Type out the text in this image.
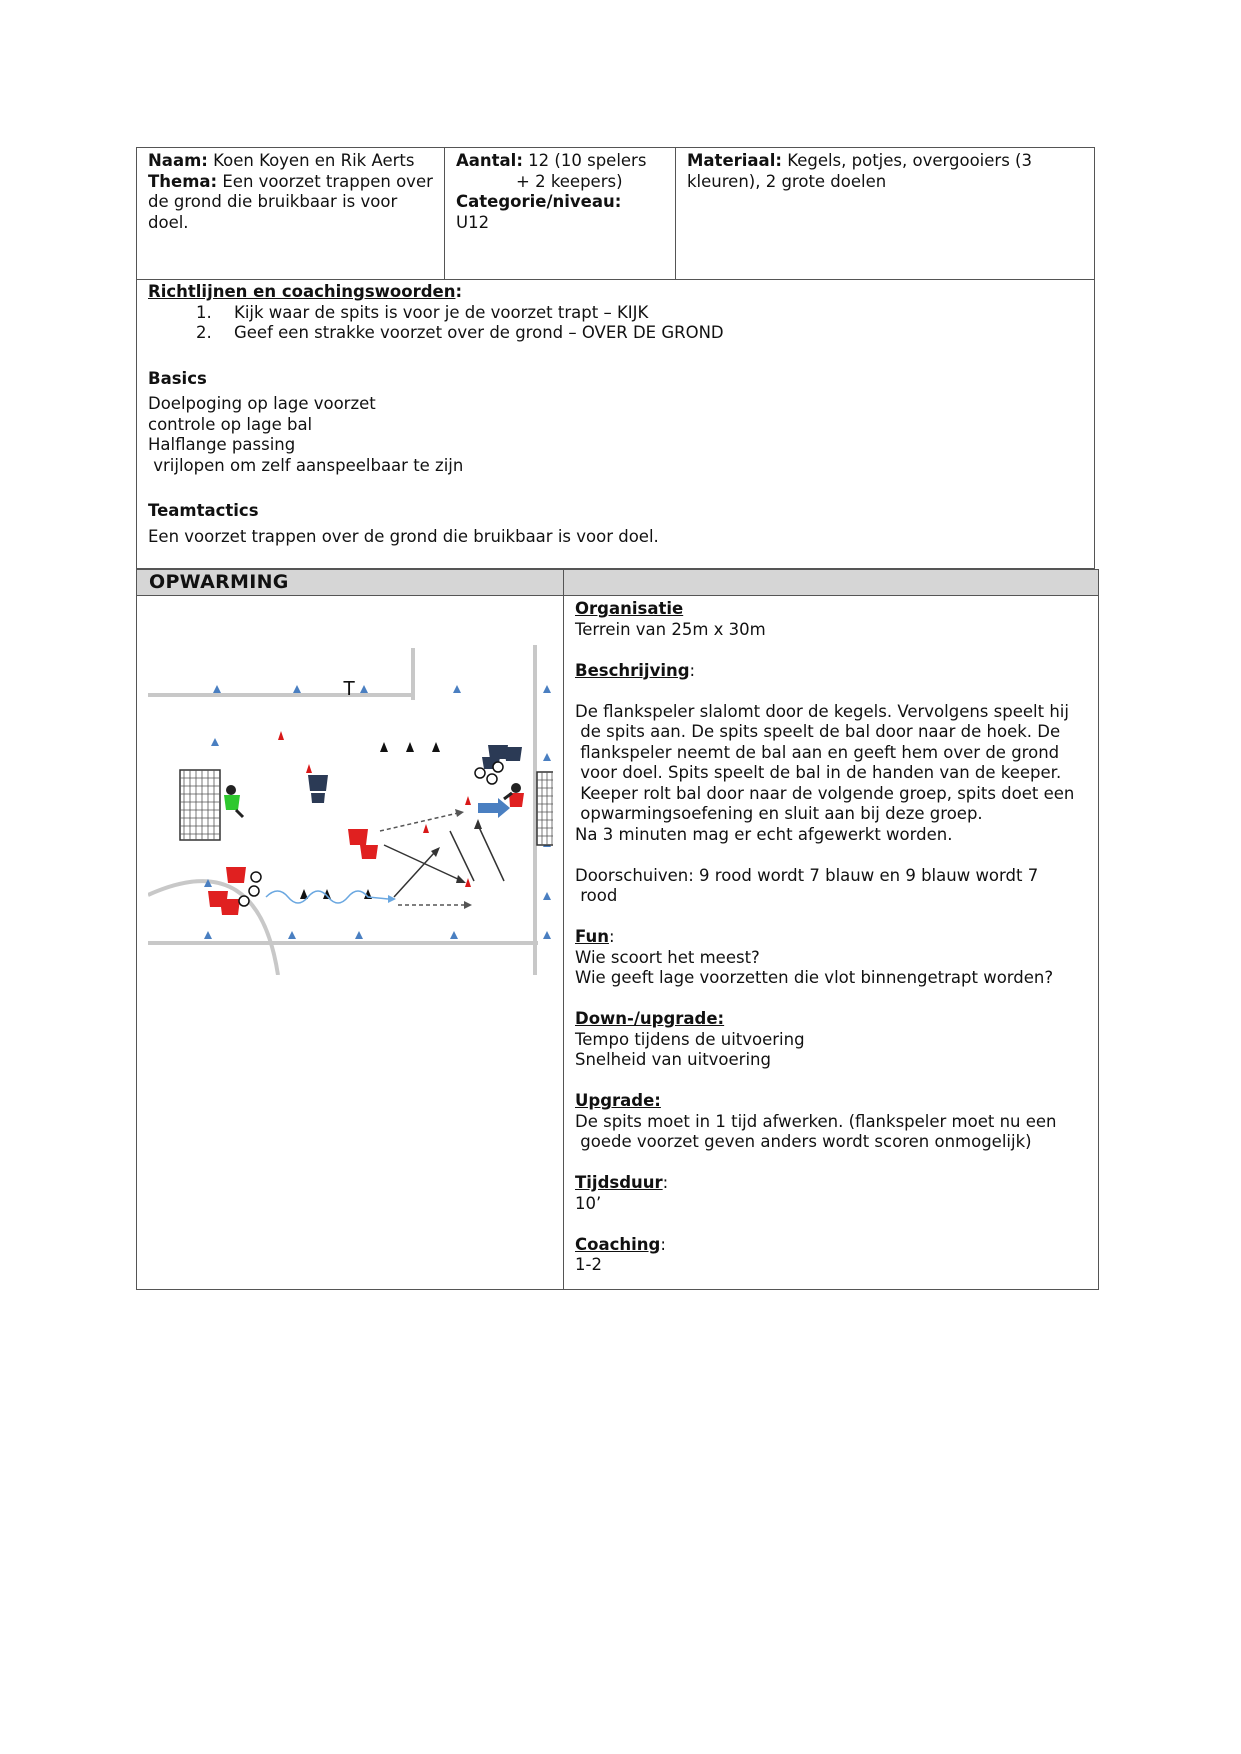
Naam: Koen Koyen en Rik Aerts
Thema: Een voorzet trappen over de grond die bruikbaar is voor doel.
Aantal: 12 (10 spelers
+ 2 keepers)
Categorie/niveau:
U12
Materiaal: Kegels, potjes, overgooiers (3 kleuren), 2 grote doelen
Richtlijnen en coachingswoorden:
1. Kijk waar de spits is voor je de voorzet trapt – KIJK
2. Geef een strakke voorzet over de grond – OVER DE GROND
Basics
Doelpoging op lage voorzet
controle op lage bal
Halflange passing
vrijlopen om zelf aanspeelbaar te zijn
Teamtactics
Een voorzet trappen over de grond die bruikbaar is voor doel.
OPWARMING

Organisatie

Terrein van 25m x 30m

Beschrijving:

De flankspeler slalomt door de kegels. Vervolgens speelt hij

de spits aan. De spits speelt de bal door naar de hoek. De

flankspeler neemt de bal aan en geeft hem over de grond

voor doel. Spits speelt de bal in de handen van de keeper.

Keeper rolt bal door naar de volgende groep, spits doet een

opwarmingsoefening en sluit aan bij deze groep.

Na 3 minuten mag er echt afgewerkt worden.

Doorschuiven: 9 rood wordt 7 blauw en 9 blauw wordt 7

rood

Fun:

Wie scoort het meest?

Wie geeft lage voorzetten die vlot binnengetrapt worden?

Down-/upgrade:

Tempo tijdens de uitvoering

Snelheid van uitvoering

Upgrade:

De spits moet in 1 tijd afwerken. (flankspeler moet nu een

goede voorzet geven anders wordt scoren onmogelijk)

Tijdsduur:

10’

Coaching:

1-2

T
